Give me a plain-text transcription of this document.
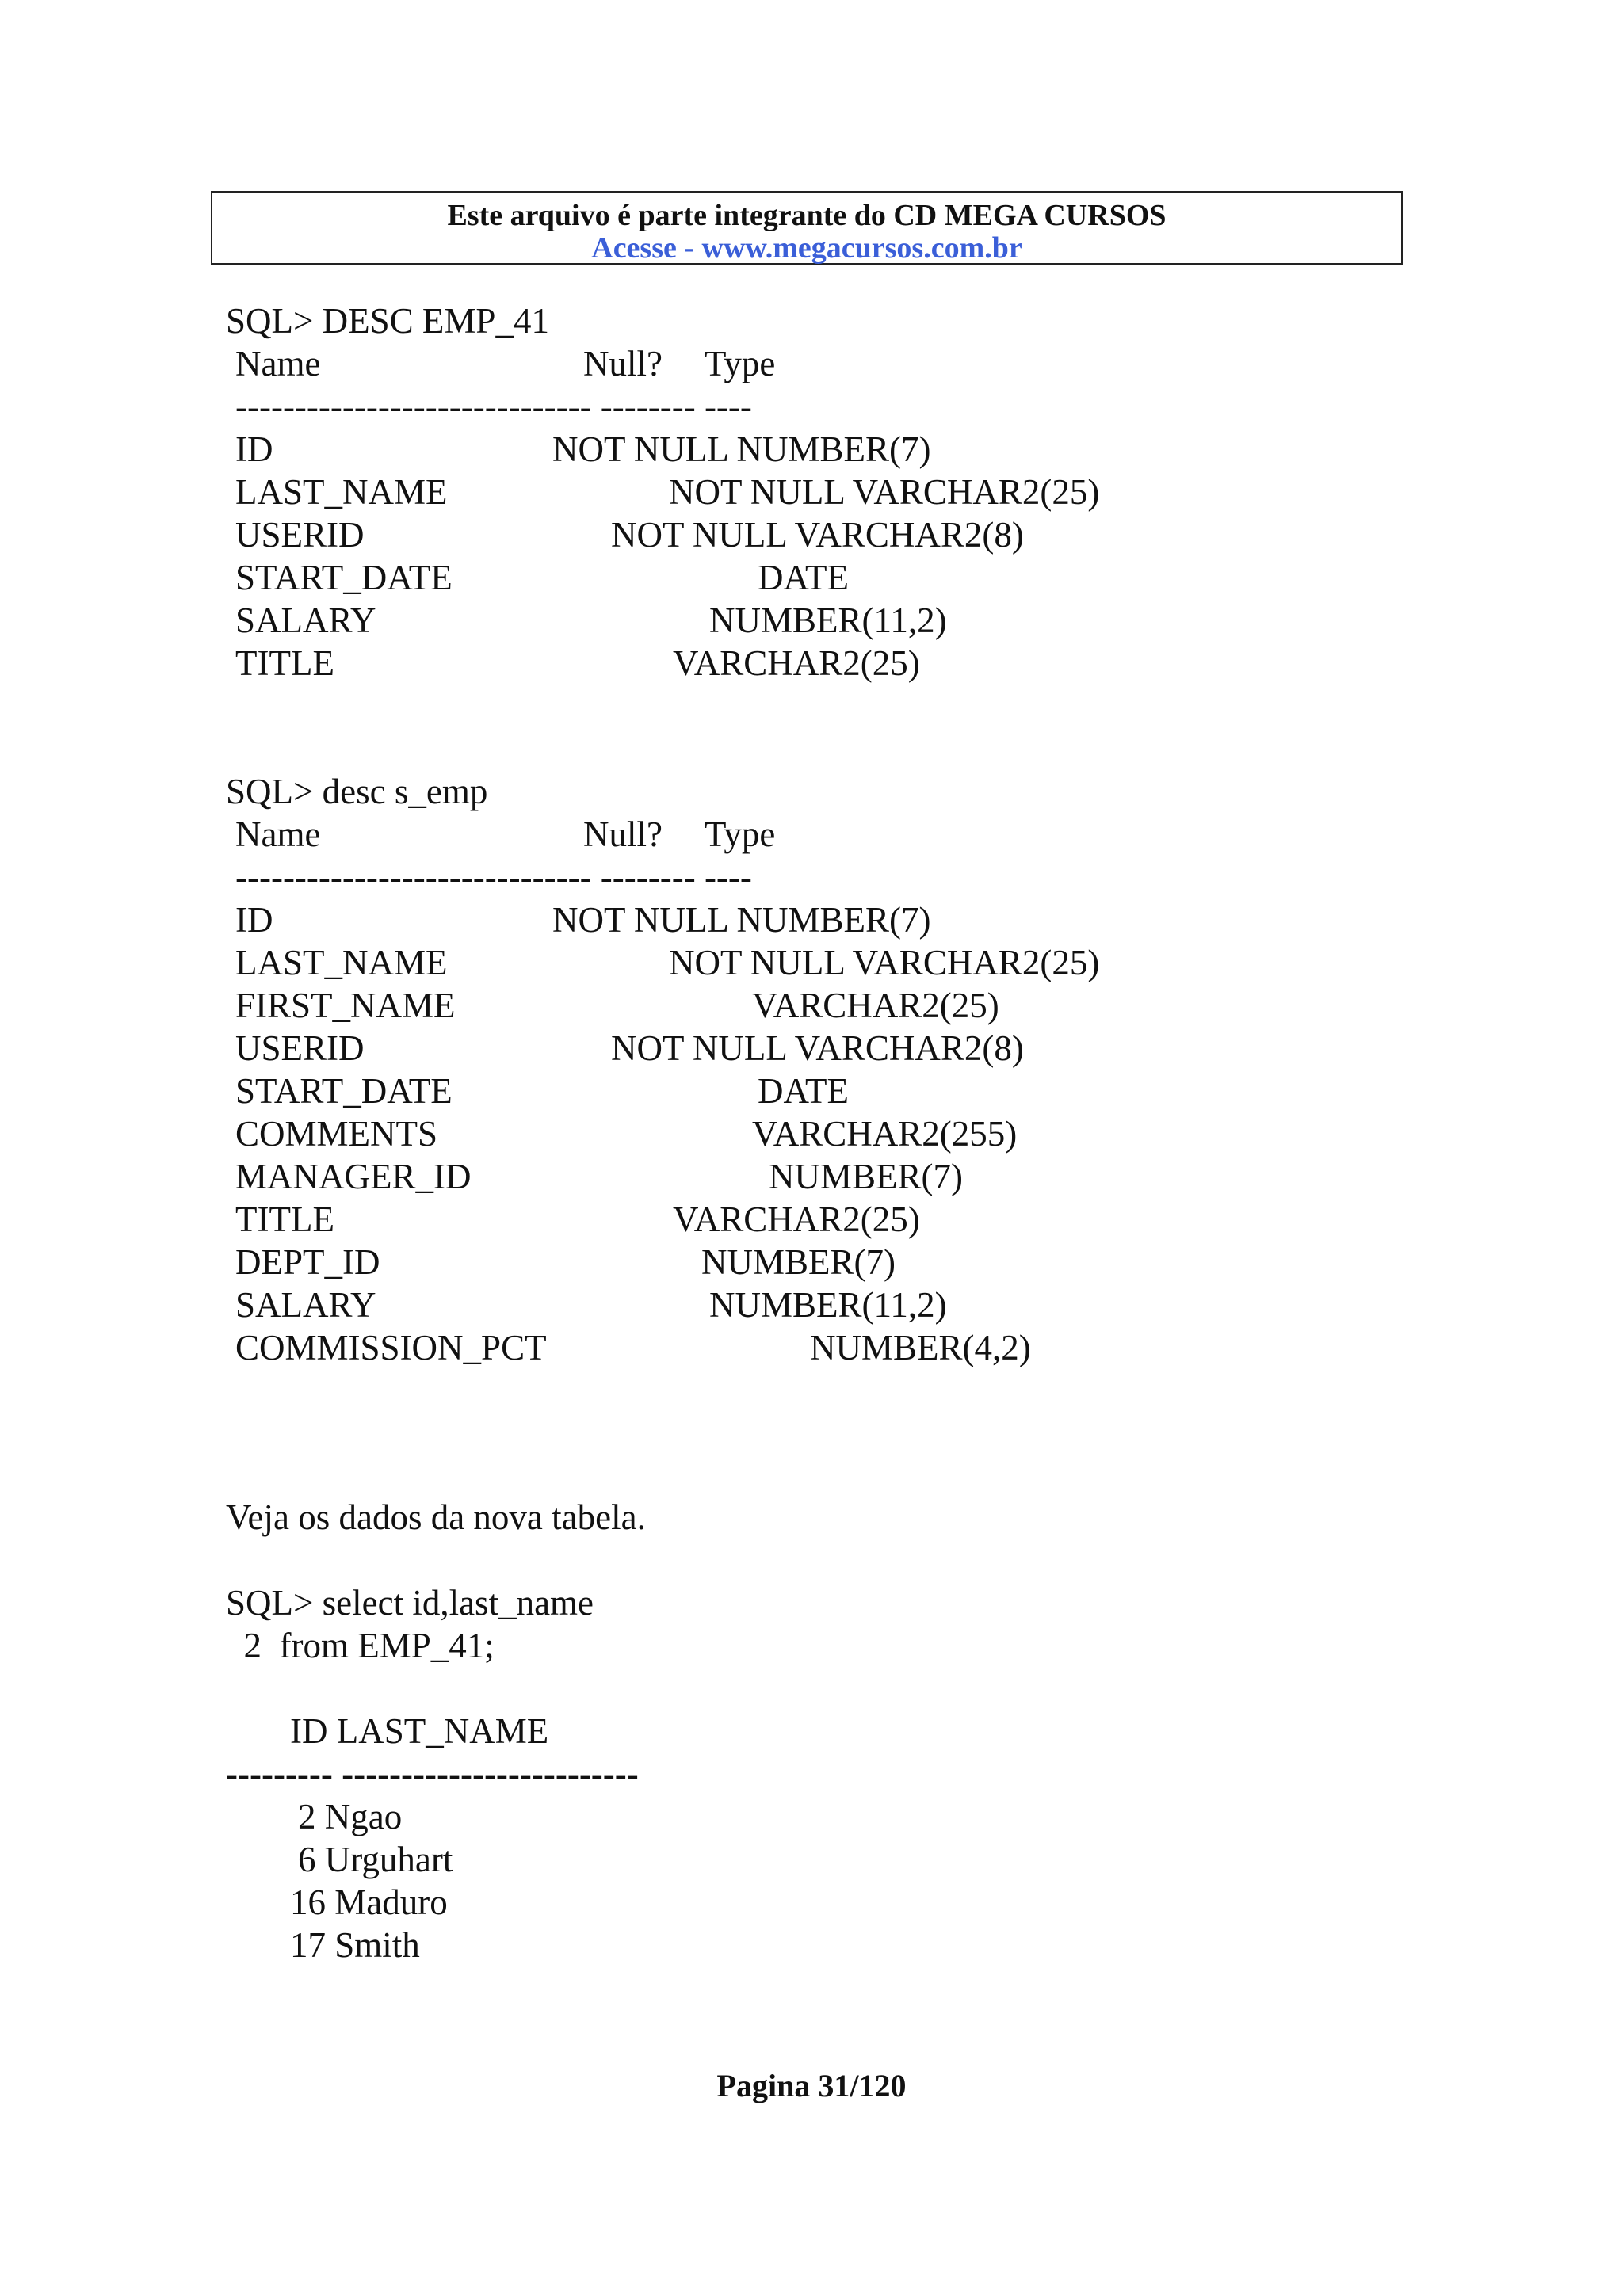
Este arquivo é parte integrante do CD MEGA CURSOS
Acesse - www.megacursos.com.br
SQL> DESC EMP_41
Name	Null? Type
------------------------------ -------- ----
ID	NOT NULL NUMBER(7)
LAST_NAME	NOT NULL VARCHAR2(25)
USERID	NOT NULL VARCHAR2(8)
START_DATE	DATE
SALARY	NUMBER(11,2)
TITLE	VARCHAR2(25)
SQL> desc s_emp
Name	Null? Type
------------------------------ -------- ----
ID	NOT NULL NUMBER(7)
LAST_NAME	NOT NULL VARCHAR2(25)
FIRST_NAME	VARCHAR2(25)
USERID	NOT NULL VARCHAR2(8)
START_DATE	DATE
COMMENTS	VARCHAR2(255)
MANAGER_ID	NUMBER(7)
TITLE	VARCHAR2(25)
DEPT_ID	NUMBER(7)
SALARY	NUMBER(11,2)
COMMISSION_PCT	NUMBER(4,2)
Veja os dados da nova tabela.
SQL> select id,last_name
2  from EMP_41;
ID LAST_NAME
--------- -------------------------
2 Ngao
6 Urguhart
16 Maduro
17 Smith
Pagina 31/120
